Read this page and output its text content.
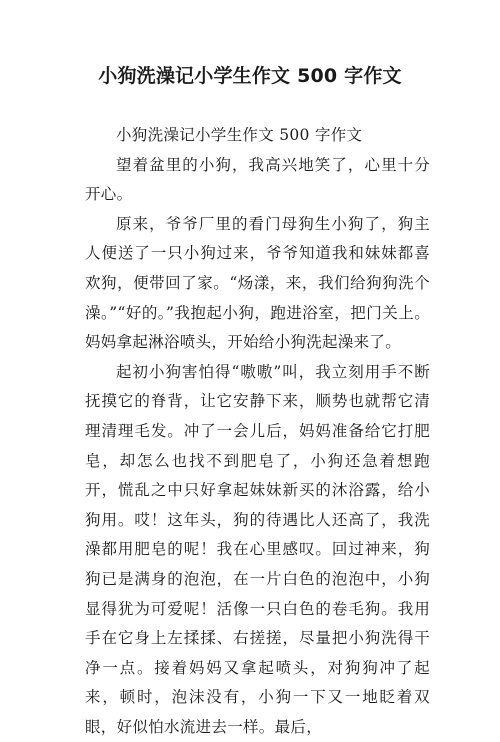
小狗洗澡记小学生作文 500 字作文

小狗洗澡记小学生作文 500 字作文

望着盆里的小狗，我高兴地笑了，心里十分开心。

原来，爷爷厂里的看门母狗生小狗了，狗主人便送了一只小狗过来，爷爷知道我和妹妹都喜欢狗，便带回了家。“炀漾，来，我们给狗狗洗个澡。”“好的。”我抱起小狗，跑进浴室，把门关上。妈妈拿起淋浴喷头，开始给小狗洗起澡来了。

起初小狗害怕得“嗷嗷”叫，我立刻用手不断抚摸它的脊背，让它安静下来，顺势也就帮它清理清理毛发。冲了一会儿后，妈妈准备给它打肥皂，却怎么也找不到肥皂了，小狗还急着想跑开，慌乱之中只好拿起妹妹新买的沐浴露，给小狗用。哎！这年头，狗的待遇比人还高了，我洗澡都用肥皂的呢！我在心里感叹。回过神来，狗狗已是满身的泡泡，在一片白色的泡泡中，小狗显得犹为可爱呢！活像一只白色的卷毛狗。我用手在它身上左揉揉、右搓搓，尽量把小狗洗得干净一点。接着妈妈又拿起喷头，对狗狗冲了起来，顿时，泡沫没有，小狗一下又一地眨着双眼，好似怕水流进去一样。最后，
